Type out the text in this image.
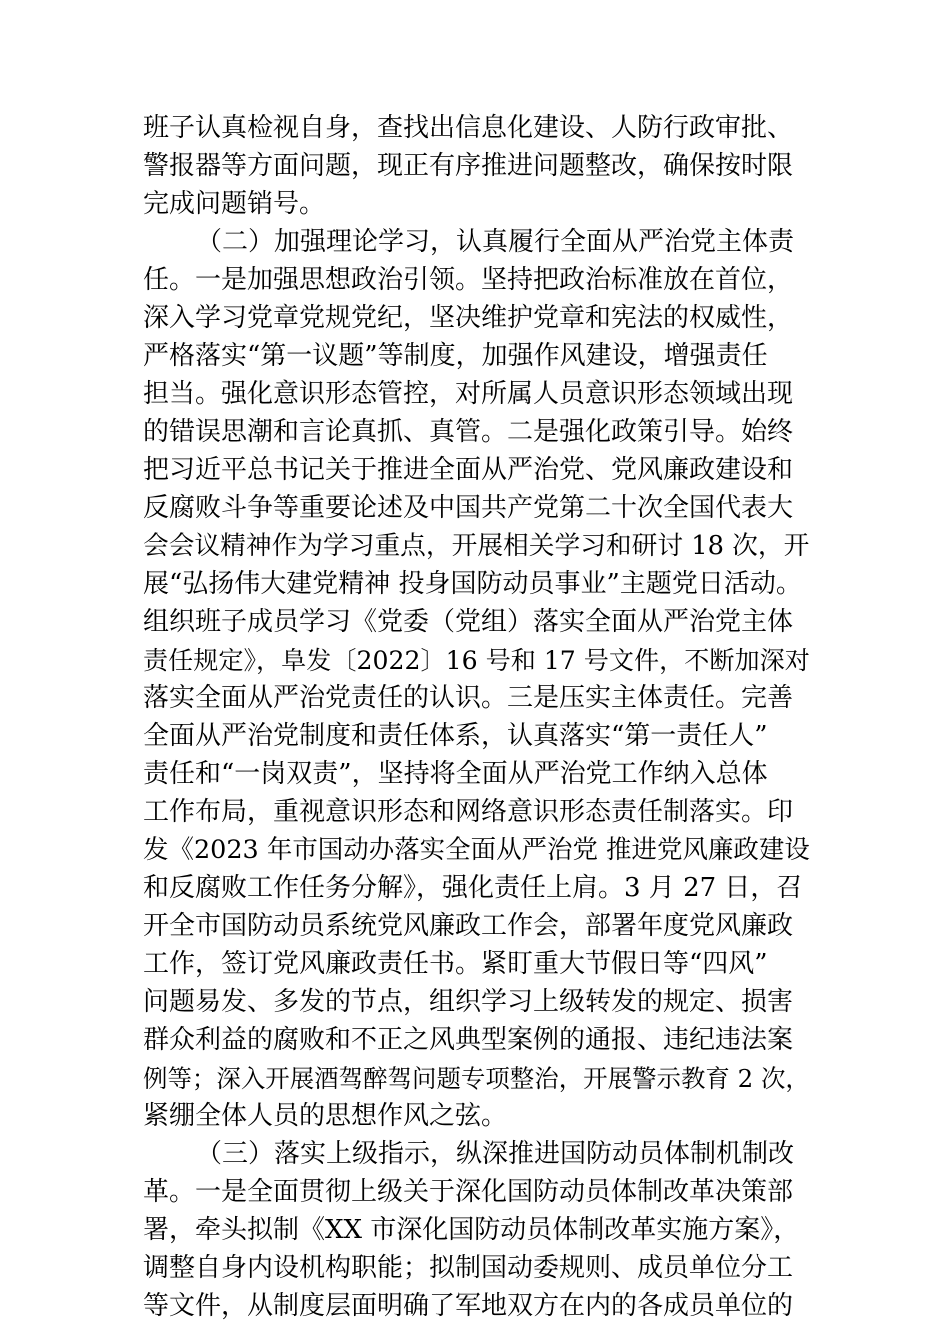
班子认真检视自身，查找出信息化建设、人防行政审批、
警报器等方面问题，现正有序推进问题整改，确保按时限
完成问题销号。
（二）加强理论学习，认真履行全面从严治党主体责
任。一是加强思想政治引领。坚持把政治标准放在首位，
深入学习党章党规党纪，坚决维护党章和宪法的权威性，
严格落实“第一议题”等制度，加强作风建设，增强责任
担当。强化意识形态管控，对所属人员意识形态领域出现
的错误思潮和言论真抓、真管。二是强化政策引导。始终
把习近平总书记关于推进全面从严治党、党风廉政建设和
反腐败斗争等重要论述及中国共产党第二十次全国代表大
会会议精神作为学习重点，开展相关学习和研讨 18 次，开
展“弘扬伟大建党精神 投身国防动员事业”主题党日活动。
组织班子成员学习《党委（党组）落实全面从严治党主体
责任规定》，阜发〔2022〕16 号和 17 号文件，不断加深对
落实全面从严治党责任的认识。三是压实主体责任。完善
全面从严治党制度和责任体系，认真落实“第一责任人”
责任和“一岗双责”，坚持将全面从严治党工作纳入总体
工作布局，重视意识形态和网络意识形态责任制落实。印
发《2023 年市国动办落实全面从严治党 推进党风廉政建设
和反腐败工作任务分解》，强化责任上肩。3 月 27 日，召
开全市国防动员系统党风廉政工作会，部署年度党风廉政
工作，签订党风廉政责任书。紧盯重大节假日等“四风”
问题易发、多发的节点，组织学习上级转发的规定、损害
群众利益的腐败和不正之风典型案例的通报、违纪违法案
例等；深入开展酒驾醉驾问题专项整治，开展警示教育 2 次，
紧绷全体人员的思想作风之弦。
（三）落实上级指示，纵深推进国防动员体制机制改
革。一是全面贯彻上级关于深化国防动员体制改革决策部
署，牵头拟制《XX 市深化国防动员体制改革实施方案》，
调整自身内设机构职能；拟制国动委规则、成员单位分工
等文件，从制度层面明确了军地双方在内的各成员单位的
